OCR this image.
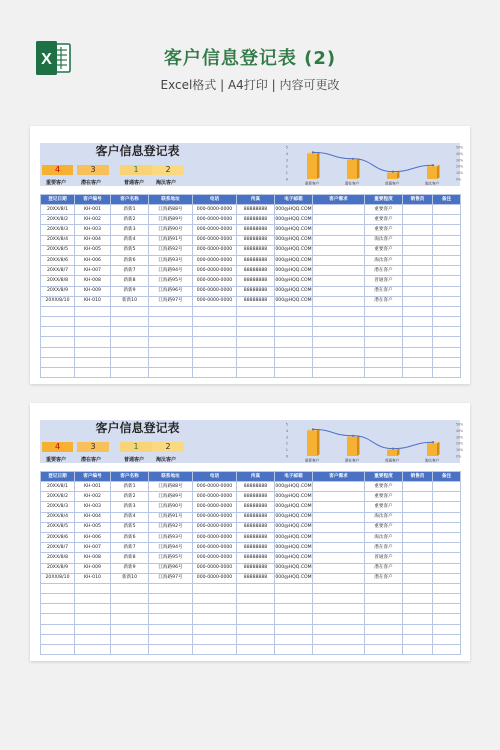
X	客户信息登记表 (2)
Excel格式 | A4打印 | 内容可更改
客户信息登记表
4
重要客户
3
潜在客户
1
普通客户
2
淘汰客户
0
1
2
3
4
5
0%
10%
20%
30%
40%
50%
重要客户	潜在客户	普通客户	淘汰客户
登记日期	客户编号	客户名称	联系地址	电话	传真	电子邮箱	客户需求	重要程度	销售员	备注
20XX/8/1	KH-001	新新1	江海路88号	000-0000-0000	88888888	000@HQQ.COM		重要客户		
20XX/8/2	KH-002	新新2	江海路89号	000-0000-0000	88888888	000@HQQ.COM		重要客户		
20XX/8/3	KH-003	新新3	江海路90号	000-0000-0000	88888888	000@HQQ.COM		重要客户		
20XX/8/4	KH-004	新新4	江海路91号	000-0000-0000	88888888	000@HQQ.COM		淘汰客户		
20XX/8/5	KH-005	新新5	江海路92号	000-0000-0000	88888888	000@HQQ.COM		重要客户		
20XX/8/6	KH-006	新新6	江海路93号	000-0000-0000	88888888	000@HQQ.COM		淘汰客户		
20XX/8/7	KH-007	新新7	江海路94号	000-0000-0000	88888888	000@HQQ.COM		潜在客户		
20XX/8/8	KH-008	新新8	江海路95号	000-0000-0000	88888888	000@HQQ.COM		普通客户		
20XX/8/9	KH-009	新新9	江海路96号	000-0000-0000	88888888	000@HQQ.COM		潜在客户		
20XX/8/10	KH-010	新新10	江海路97号	000-0000-0000	88888888	000@HQQ.COM		潜在客户		

客户信息登记表
4
重要客户
3
潜在客户
1
普通客户
2
淘汰客户
0
1
2
3
4
5
0%
10%
20%
30%
40%
50%
重要客户	潜在客户	普通客户	淘汰客户
登记日期	客户编号	客户名称	联系地址	电话	传真	电子邮箱	客户需求	重要程度	销售员	备注
20XX/8/1	KH-001	新新1	江海路88号	000-0000-0000	88888888	000@HQQ.COM		重要客户		
20XX/8/2	KH-002	新新2	江海路89号	000-0000-0000	88888888	000@HQQ.COM		重要客户		
20XX/8/3	KH-003	新新3	江海路90号	000-0000-0000	88888888	000@HQQ.COM		重要客户		
20XX/8/4	KH-004	新新4	江海路91号	000-0000-0000	88888888	000@HQQ.COM		淘汰客户		
20XX/8/5	KH-005	新新5	江海路92号	000-0000-0000	88888888	000@HQQ.COM		重要客户		
20XX/8/6	KH-006	新新6	江海路93号	000-0000-0000	88888888	000@HQQ.COM		淘汰客户		
20XX/8/7	KH-007	新新7	江海路94号	000-0000-0000	88888888	000@HQQ.COM		潜在客户		
20XX/8/8	KH-008	新新8	江海路95号	000-0000-0000	88888888	000@HQQ.COM		普通客户		
20XX/8/9	KH-009	新新9	江海路96号	000-0000-0000	88888888	000@HQQ.COM		潜在客户		
20XX/8/10	KH-010	新新10	江海路97号	000-0000-0000	88888888	000@HQQ.COM		潜在客户		
